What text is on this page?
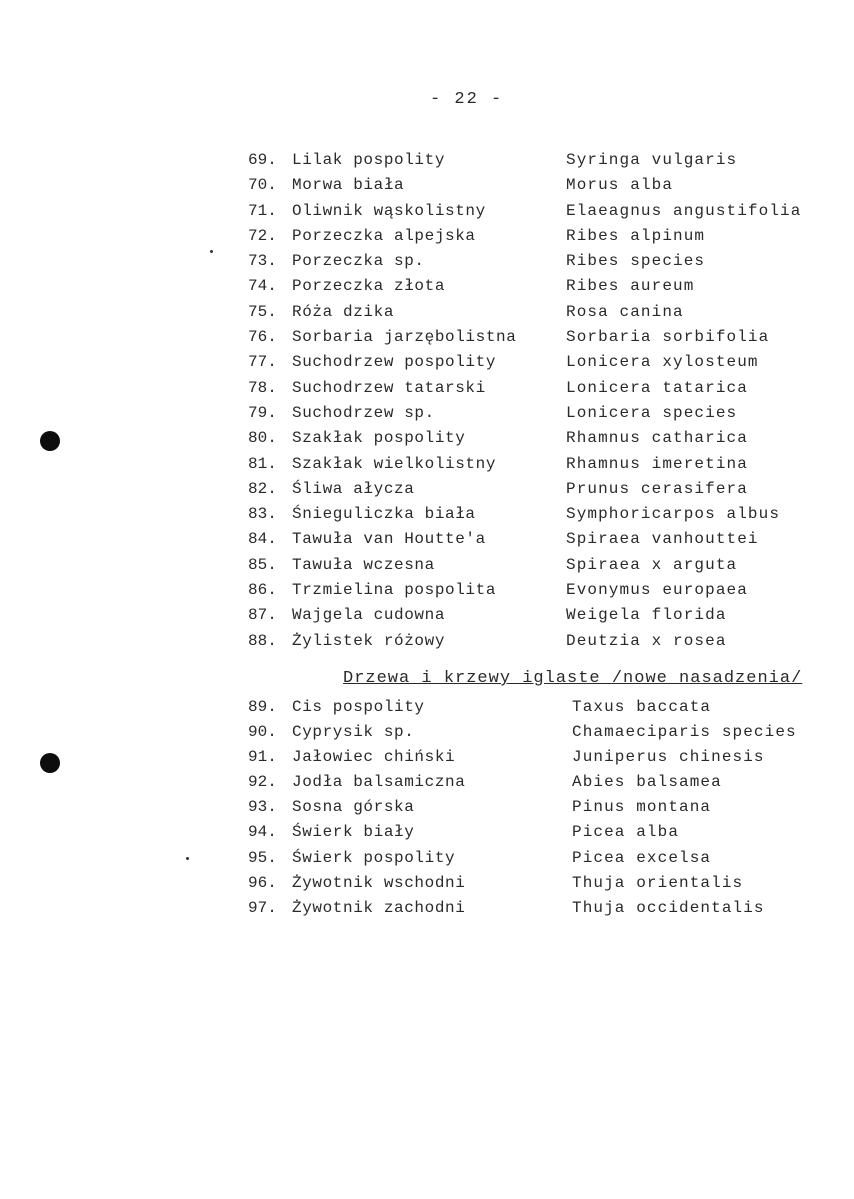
- 22 -
69. Lilak pospolity	Syringa vulgaris
70. Morwa biała	Morus alba
71. Oliwnik wąskolistny	Elaeagnus angustifolia
72. Porzeczka alpejska	Ribes alpinum
73. Porzeczka sp.	Ribes species
74. Porzeczka złota	Ribes aureum
75. Róża dzika	Rosa canina
76. Sorbaria jarzębolistna	Sorbaria sorbifolia
77. Suchodrzew pospolity	Lonicera xylosteum
78. Suchodrzew tatarski	Lonicera tatarica
79. Suchodrzew sp.	Lonicera species
80. Szakłak pospolity	Rhamnus catharica
81. Szakłak wielkolistny	Rhamnus imeretina
82. Śliwa ałycza	Prunus cerasifera
83. Śnieguliczka biała	Symphoricarpos albus
84. Tawuła van Houtte'a	Spiraea vanhouttei
85. Tawuła wczesna	Spiraea x arguta
86. Trzmielina pospolita	Evonymus europaea
87. Wajgela cudowna	Weigela florida
88. Żylistek różowy	Deutzia x rosea
Drzewa i krzewy iglaste /nowe nasadzenia/
89. Cis pospolity	Taxus baccata
90. Cyprysik sp.	Chamaeciparis species
91. Jałowiec chiński	Juniperus chinesis
92. Jodła balsamiczna	Abies balsamea
93. Sosna górska	Pinus montana
94. Świerk biały	Picea alba
95. Świerk pospolity	Picea excelsa
96. Żywotnik wschodni	Thuja orientalis
97. Żywotnik zachodni	Thuja occidentalis
